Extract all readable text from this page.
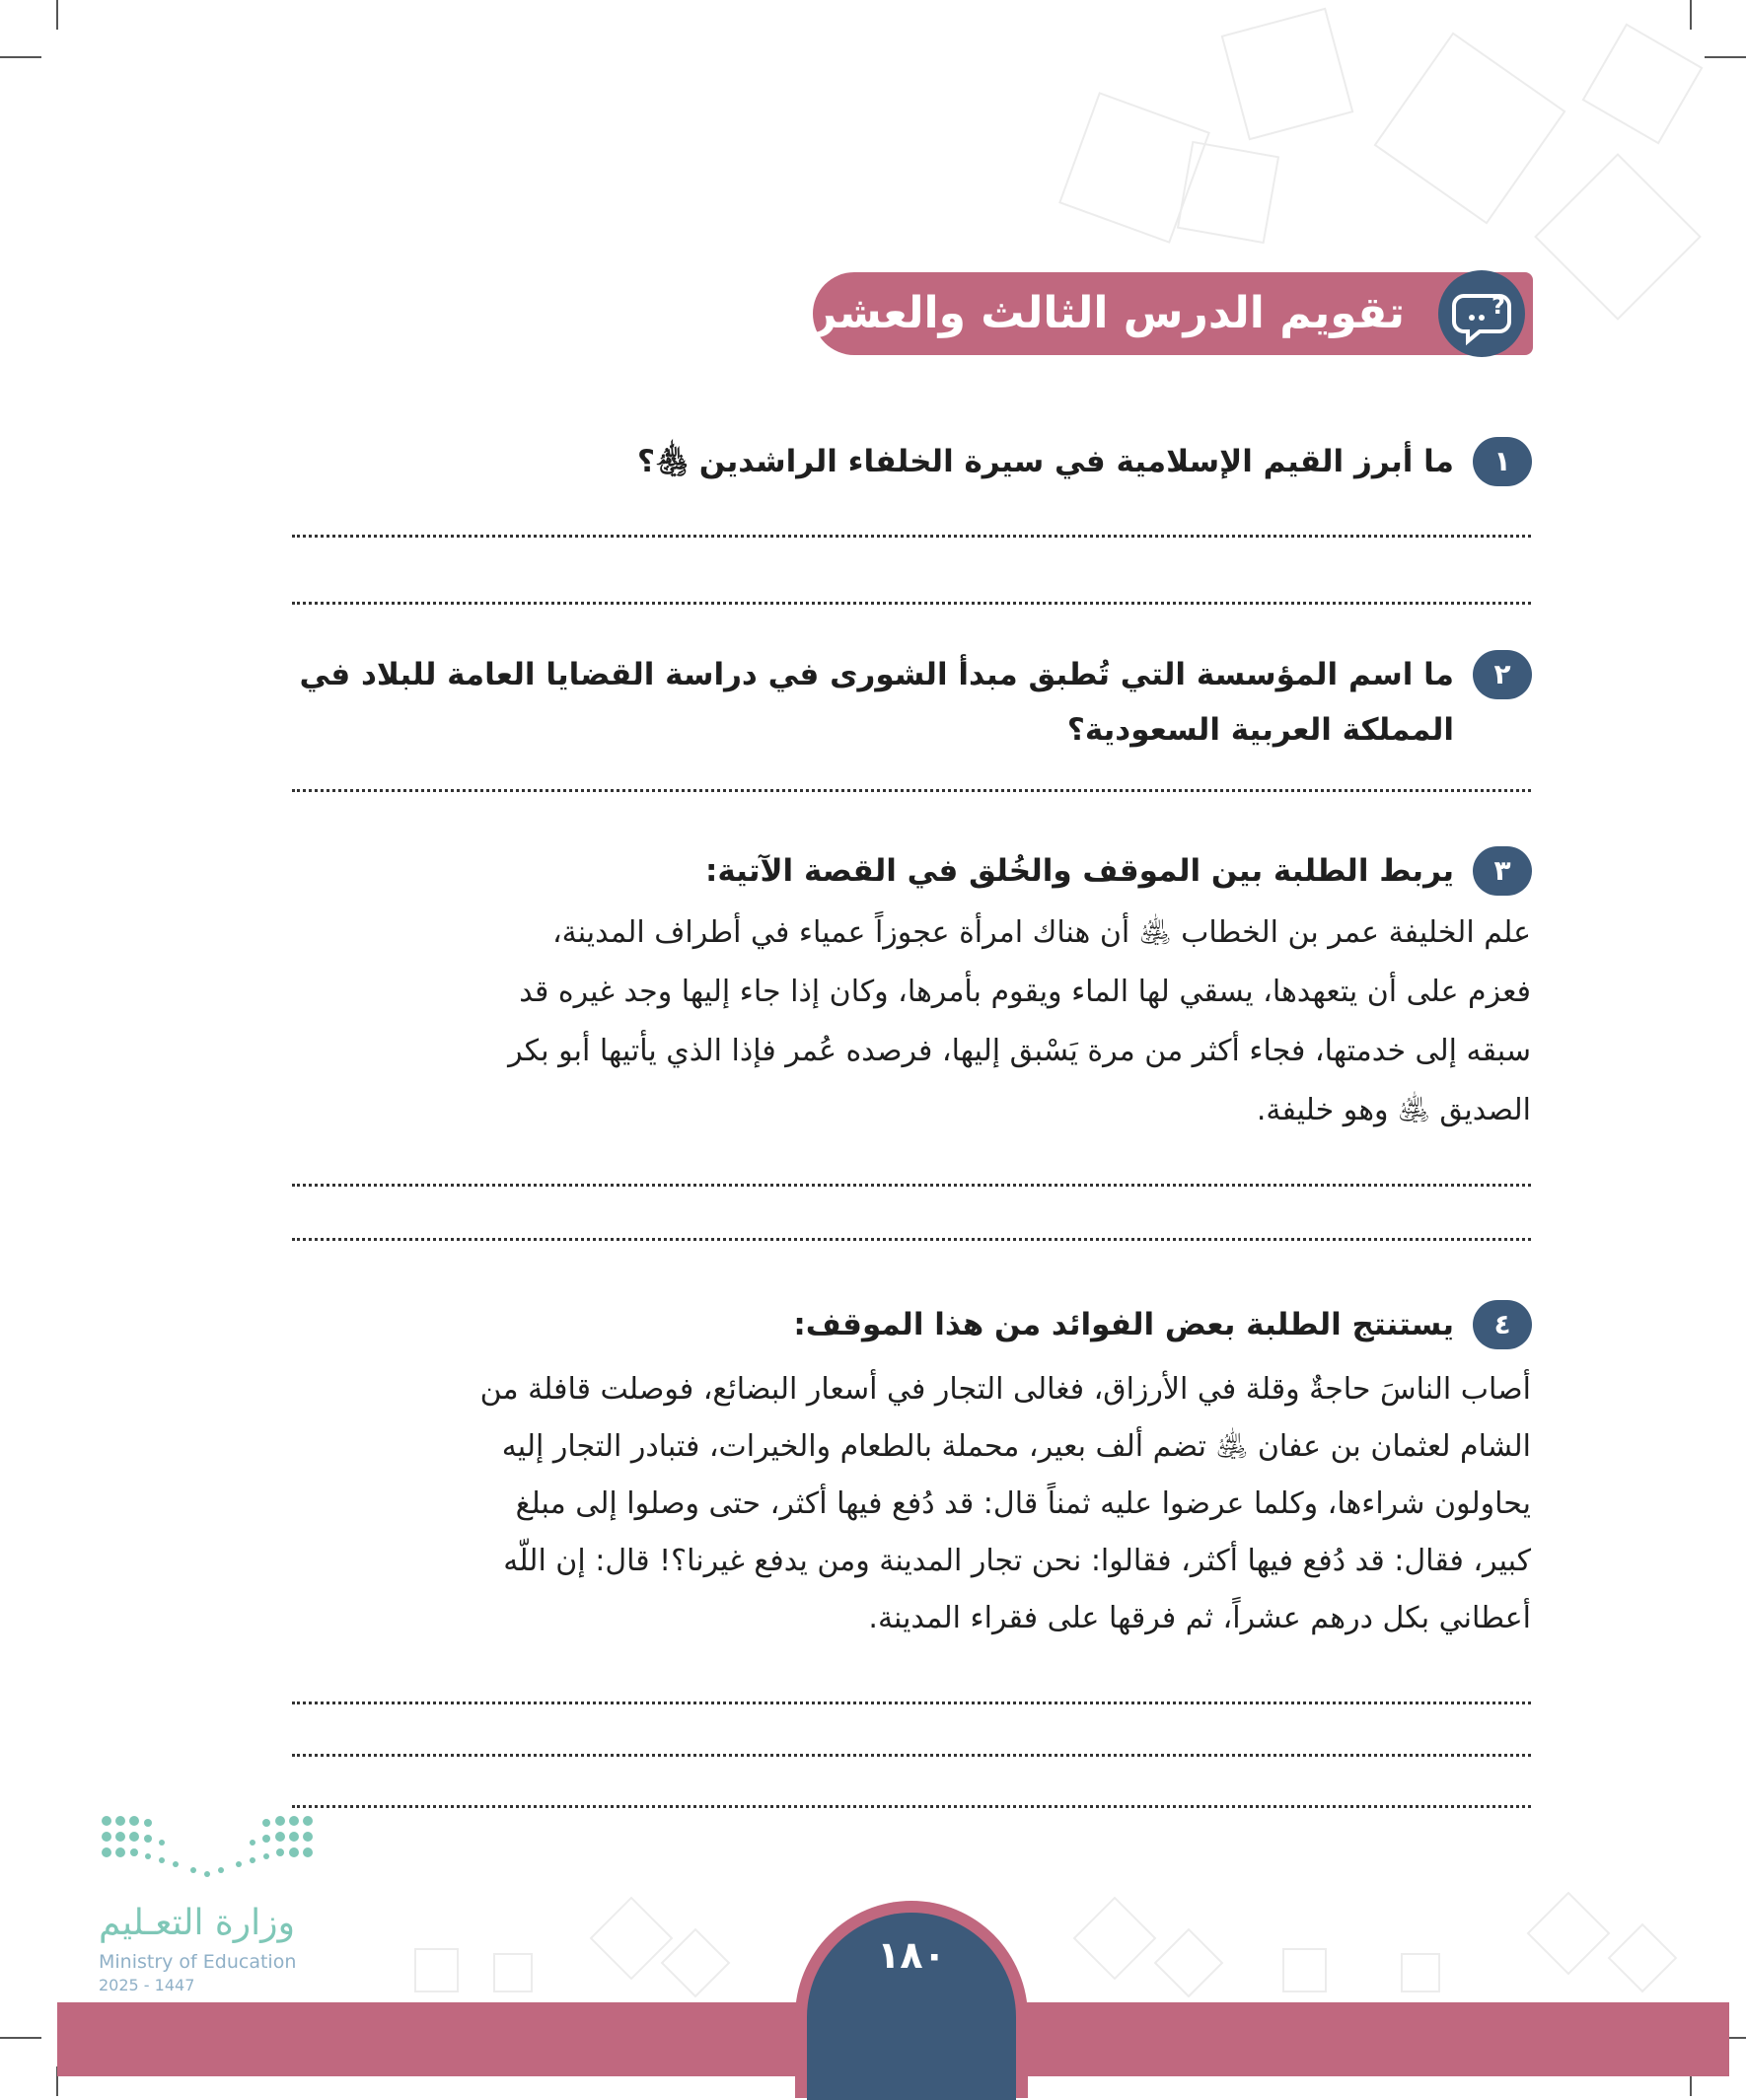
تقويم الدرس الثالث والعشرين	?
١
ما أبرز القيم الإسلامية في سيرة الخلفاء الراشدين ﵃؟
٢
ما اسم المؤسسة التي تُطبق مبدأ الشورى في دراسة القضايا العامة للبلاد في
المملكة العربية السعودية؟
٣
يربط الطلبة بين الموقف والخُلق في القصة الآتية:
علم الخليفة عمر بن الخطاب ﵁ أن هناك امرأة عجوزاً عمياء في أطراف المدينة،
فعزم على أن يتعهدها، يسقي لها الماء ويقوم بأمرها، وكان إذا جاء إليها وجد غيره قد
سبقه إلى خدمتها، فجاء أكثر من مرة يَسْبق إليها، فرصده عُمر فإذا الذي يأتيها أبو بكر
الصديق ﵁ وهو خليفة.
٤
يستنتج الطلبة بعض الفوائد من هذا الموقف:
أصاب الناسَ حاجةٌ وقلة في الأرزاق، فغالى التجار في أسعار البضائع، فوصلت قافلة من
الشام لعثمان بن عفان ﵁ تضم ألف بعير، محملة بالطعام والخيرات، فتبادر التجار إليه
يحاولون شراءها، وكلما عرضوا عليه ثمناً قال: قد دُفع فيها أكثر، حتى وصلوا إلى مبلغ
كبير، فقال: قد دُفع فيها أكثر، فقالوا: نحن تجار المدينة ومن يدفع غيرنا؟! قال: إن اللّه
أعطاني بكل درهم عشراً، ثم فرقها على فقراء المدينة.
وزارة التعـليم
Ministry of Education
2025 - 1447
١٨٠
